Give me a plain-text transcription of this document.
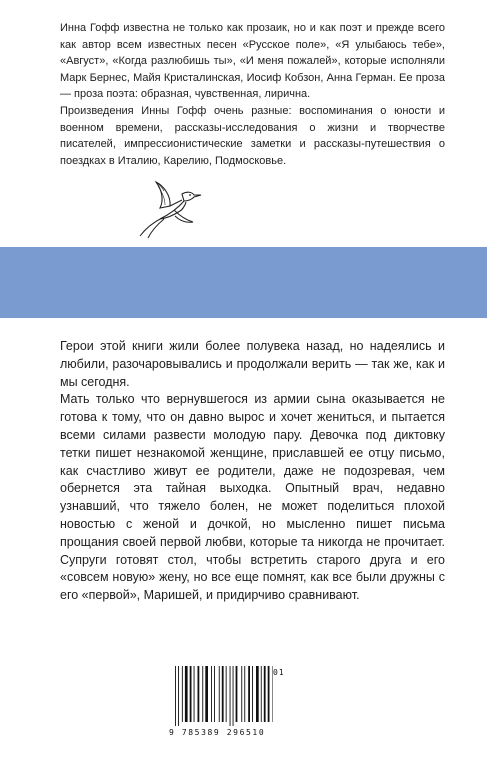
Инна Гофф известна не только как прозаик, но и как поэт и прежде всего как автор всем известных песен «Русское поле», «Я улыбаюсь тебе», «Август», «Когда разлюбишь ты», «И меня пожалей», которые исполняли Марк Бернес, Майя Кристалинская, Иосиф Кобзон, Анна Герман. Ее проза — проза поэта: образная, чувственная, лирична.

Произведения Инны Гофф очень разные: воспоминания о юности и военном времени, рассказы-исследования о жизни и творчестве писателей, импрессионистические заметки и рассказы-путешествия о поездках в Италию, Карелию, Подмосковье.

Герои этой книги жили более полувека назад, но надеялись и любили, разочаровывались и продолжали верить — так же, как и мы сегодня.

Мать только что вернувшегося из армии сына оказывается не готова к тому, что он давно вырос и хочет жениться, и пытается всеми силами развести молодую пару. Девочка под диктовку тетки пишет незнакомой женщине, приславшей ее отцу письмо, как счастливо живут ее родители, даже не подозревая, чем обернется эта тайная выходка. Опытный врач, недавно узнавший, что тяжело болен, не может поделиться плохой новостью с женой и дочкой, но мысленно пишет письма прощания своей первой любви, которые та никогда не прочитает. Супруги готовят стол, чтобы встретить старого друга и его «совсем новую» жену, но все еще помнят, как все были дружны с его «первой», Маришей, и придирчиво сравнивают.

01
9 785389 296510
